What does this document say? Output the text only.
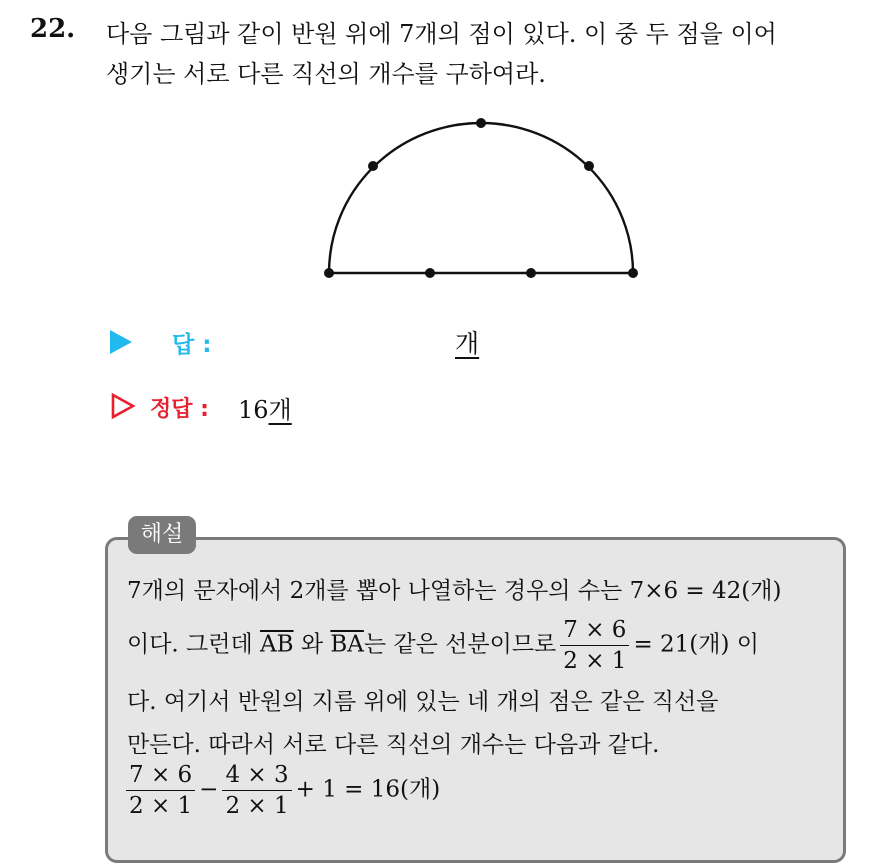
22. 다음 그림과 같이 반원 위에 7개의 점이 있다. 이 중 두 점을 이어
생기는 서로 다른 직선의 개수를 구하여라.
답 :	개
정답 : 16개
해설
7개의 문자에서 2개를 뽑아 나열하는 경우의 수는 7×6 = 42(개)
이다. 그런데 $\overline{AB}$ 와 $\overline{BA}$는 같은 선분이므로 $\frac{7 \times 6}{2 \times 1} = 21$(개) 이
다. 여기서 반원의 지름 위에 있는 네 개의 점은 같은 직선을
만든다. 따라서 서로 다른 직선의 개수는 다음과 같다.
$\frac{7 \times 6}{2 \times 1} - \frac{4 \times 3}{2 \times 1} + 1 = 16$(개)
